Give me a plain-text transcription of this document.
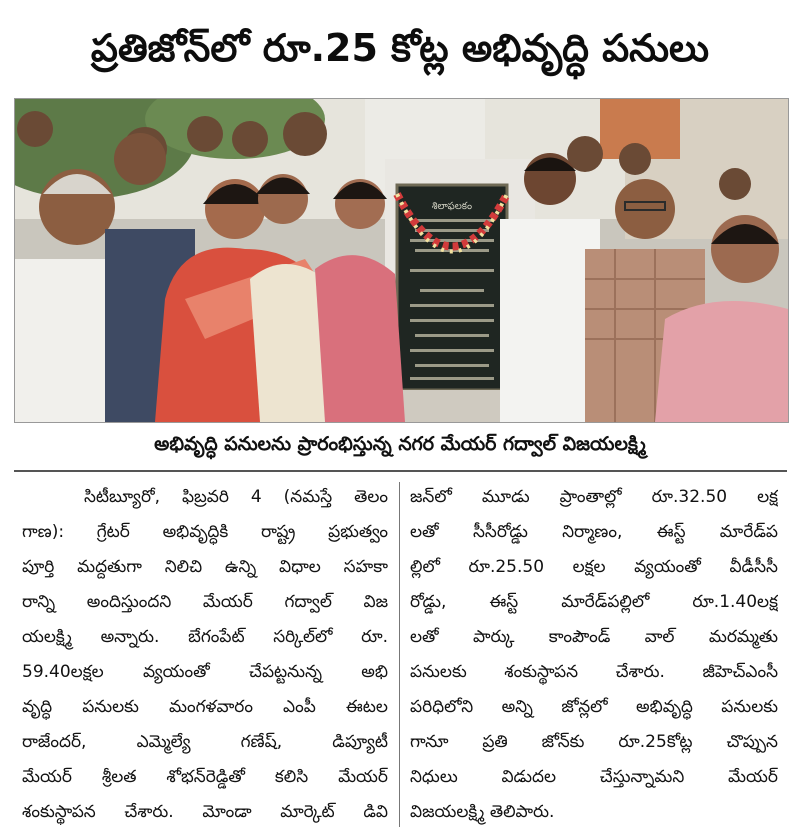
ప్రతిజోన్‌లో రూ.25 కోట్ల అభివృద్ధి పనులు
శిలాఫలకం
అభివృద్ధి పనులను ప్రారంభిస్తున్న నగర మేయర్ గద్వాల్ విజయలక్ష్మి
సిటీబ్యూరో, ఫిబ్రవరి 4 (నమస్తే తెలం
గాణ): గ్రేటర్ అభివృద్ధికి రాష్ట్ర ప్రభుత్వం
పూర్తి మద్దతుగా నిలిచి ఉన్ని విధాల సహకా
రాన్ని అందిస్తుందని మేయర్ గద్వాల్ విజ
యలక్ష్మి అన్నారు. బేగంపేట్ సర్కిల్‌లో రూ.
59.40లక్షల వ్యయంతో చేపట్టనున్న అభి
వృద్ధి పనులకు మంగళవారం ఎంపీ ఈటల
రాజేందర్, ఎమ్మెల్యే గణేష్, డిప్యూటీ
మేయర్ శ్రీలత శోభన్‌రెడ్డితో కలిసి మేయర్
శంకుస్థాపన చేశారు. మోండా మార్కెట్ డివి
జన్‌లో మూడు ప్రాంతాల్లో రూ.32.50 లక్ష
లతో సీసీరోడ్డు నిర్మాణం, ఈస్ట్ మారేడ్‌ప
ల్లిలో రూ.25.50 లక్షల వ్యయంతో వీడీసీసీ
రోడ్డు, ఈస్ట్ మారేడ్‌పల్లిలో రూ.1.40లక్ష
లతో పార్కు కాంపౌండ్ వాల్ మరమ్మతు
పనులకు శంకుస్థాపన చేశారు. జీహెచ్‌ఎంసీ
పరిధిలోని అన్ని జోన్లలో అభివృద్ధి పనులకు
గానూ ప్రతి జోన్‌కు రూ.25కోట్ల చొప్పున
నిధులు విడుదల చేస్తున్నామని మేయర్
విజయలక్ష్మి తెలిపారు.
